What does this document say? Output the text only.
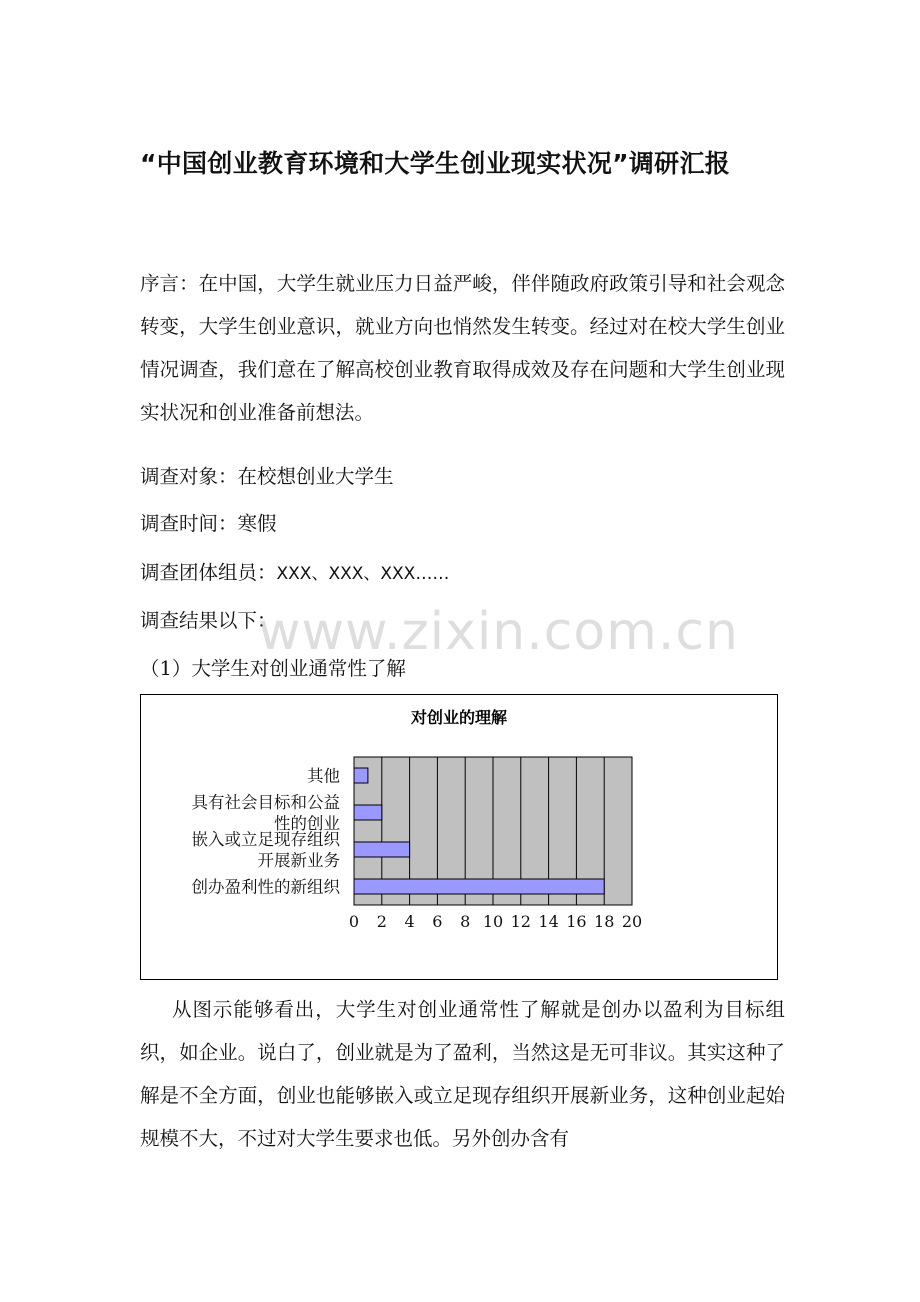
“中国创业教育环境和大学生创业现实状况”调研汇报
序言：在中国，大学生就业压力日益严峻，伴伴随政府政策引导和社会观念转变，大学生创业意识，就业方向也悄然发生转变。经过对在校大学生创业情况调查，我们意在了解高校创业教育取得成效及存在问题和大学生创业现实状况和创业准备前想法。
调查对象：在校想创业大学生
调查时间：寒假
调查团体组员：XXX、XXX、XXX……
调查结果以下：
www.zixin.com.cn
（1）大学生对创业通常性了解
对创业的理解
0 2 4 6 8 10 12 14 16 18 20
其他
具有社会目标和公益
性的创业
嵌入或立足现存组织
开展新业务
创办盈利性的新组织
从图示能够看出，大学生对创业通常性了解就是创办以盈利为目标组织，如企业。说白了，创业就是为了盈利，当然这是无可非议。其实这种了解是不全方面，创业也能够嵌入或立足现存组织开展新业务，这种创业起始规模不大，不过对大学生要求也低。另外创办含有
